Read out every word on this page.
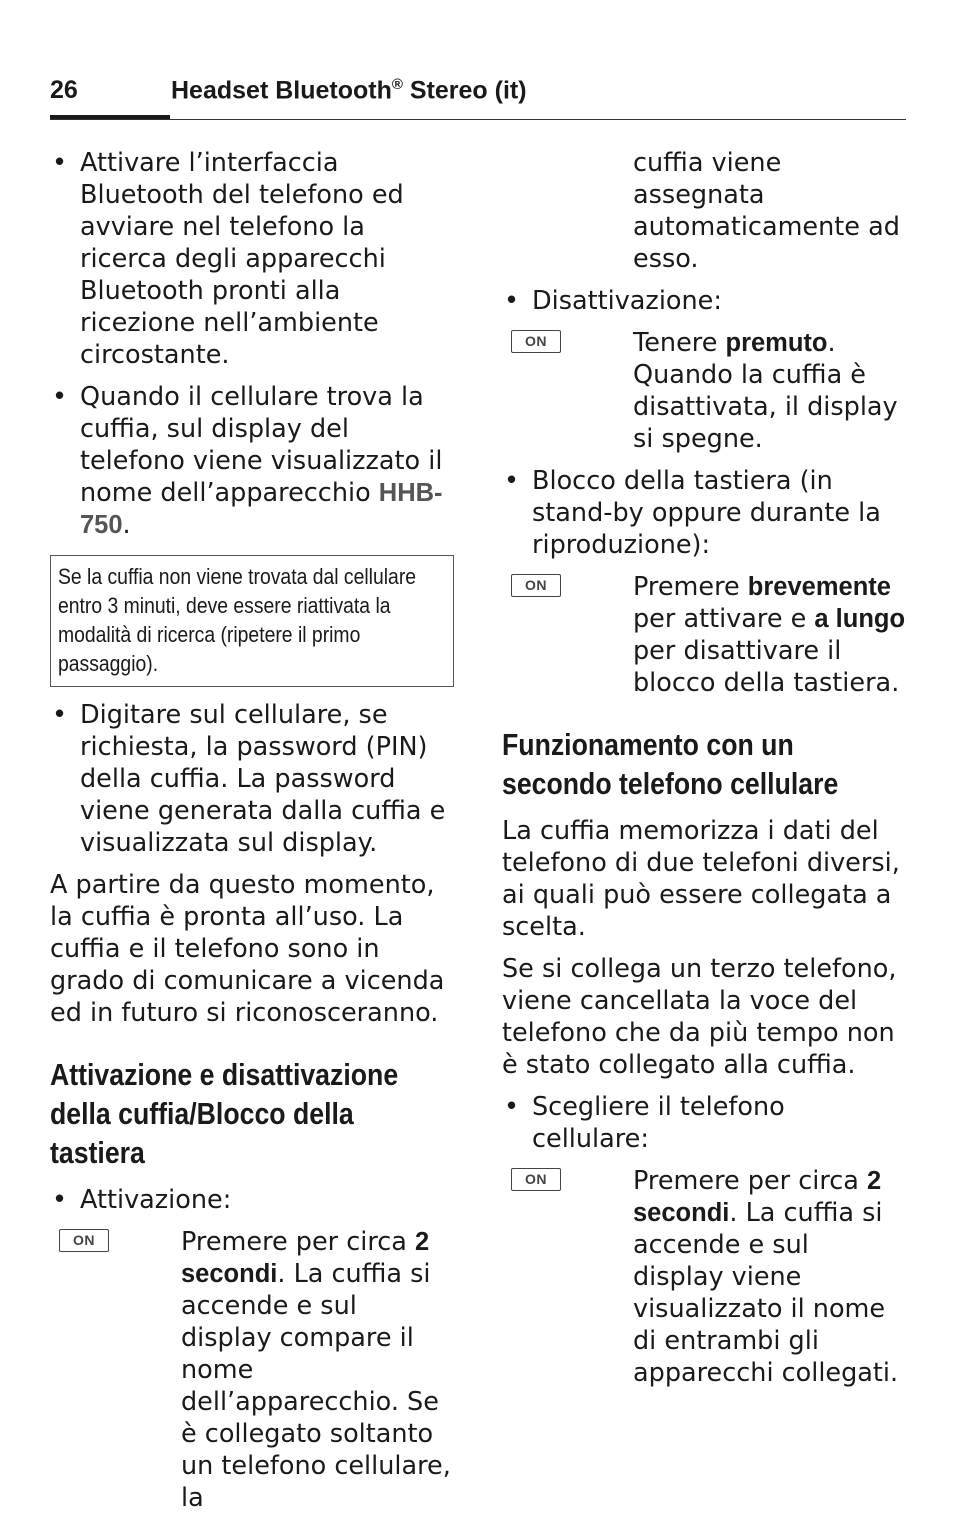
26	Headset Bluetooth® Stereo (it)
• Attivare l’interfaccia Bluetooth del telefono ed avviare nel telefono la ricerca degli apparecchi Bluetooth pronti alla ricezione nell’ambiente circostante.
• Quando il cellulare trova la cuffia, sul display del telefono viene visualizzato il nome dell’apparecchio HHB-750.
Se la cuffia non viene trovata dal cellulare entro 3 minuti, deve essere riattivata la modalità di ricerca (ripetere il primo passaggio).
• Digitare sul cellulare, se richiesta, la password (PIN) della cuffia. La password viene generata dalla cuffia e visualizzata sul display.

A partire da questo momento, la cuffia è pronta all’uso. La cuffia e il telefono sono in grado di comunicare a vicenda ed in futuro si riconosceranno.

Attivazione e disattivazione della cuffia/Blocco della tastiera
• Attivazione:
ON	Premere per circa 2 secondi. La cuffia si accende e sul display compare il nome dell’apparecchio. Se è collegato soltanto un telefono cellulare, la

cuffia viene assegnata automaticamente ad esso.

• Disattivazione:
ON	Tenere premuto. Quando la cuffia è disattivata, il display si spegne.
• Blocco della tastiera (in stand-by oppure durante la riproduzione):
ON	Premere brevemente per attivare e a lungo per disattivare il blocco della tastiera.
Funzionamento con un secondo telefono cellulare

La cuffia memorizza i dati del telefono di due telefoni diversi, ai quali può essere collegata a scelta.

Se si collega un terzo telefono, viene cancellata la voce del telefono che da più tempo non è stato collegato alla cuffia.

• Scegliere il telefono cellulare:
ON	Premere per circa 2 secondi. La cuffia si accende e sul display viene visualizzato il nome di entrambi gli apparecchi collegati.
